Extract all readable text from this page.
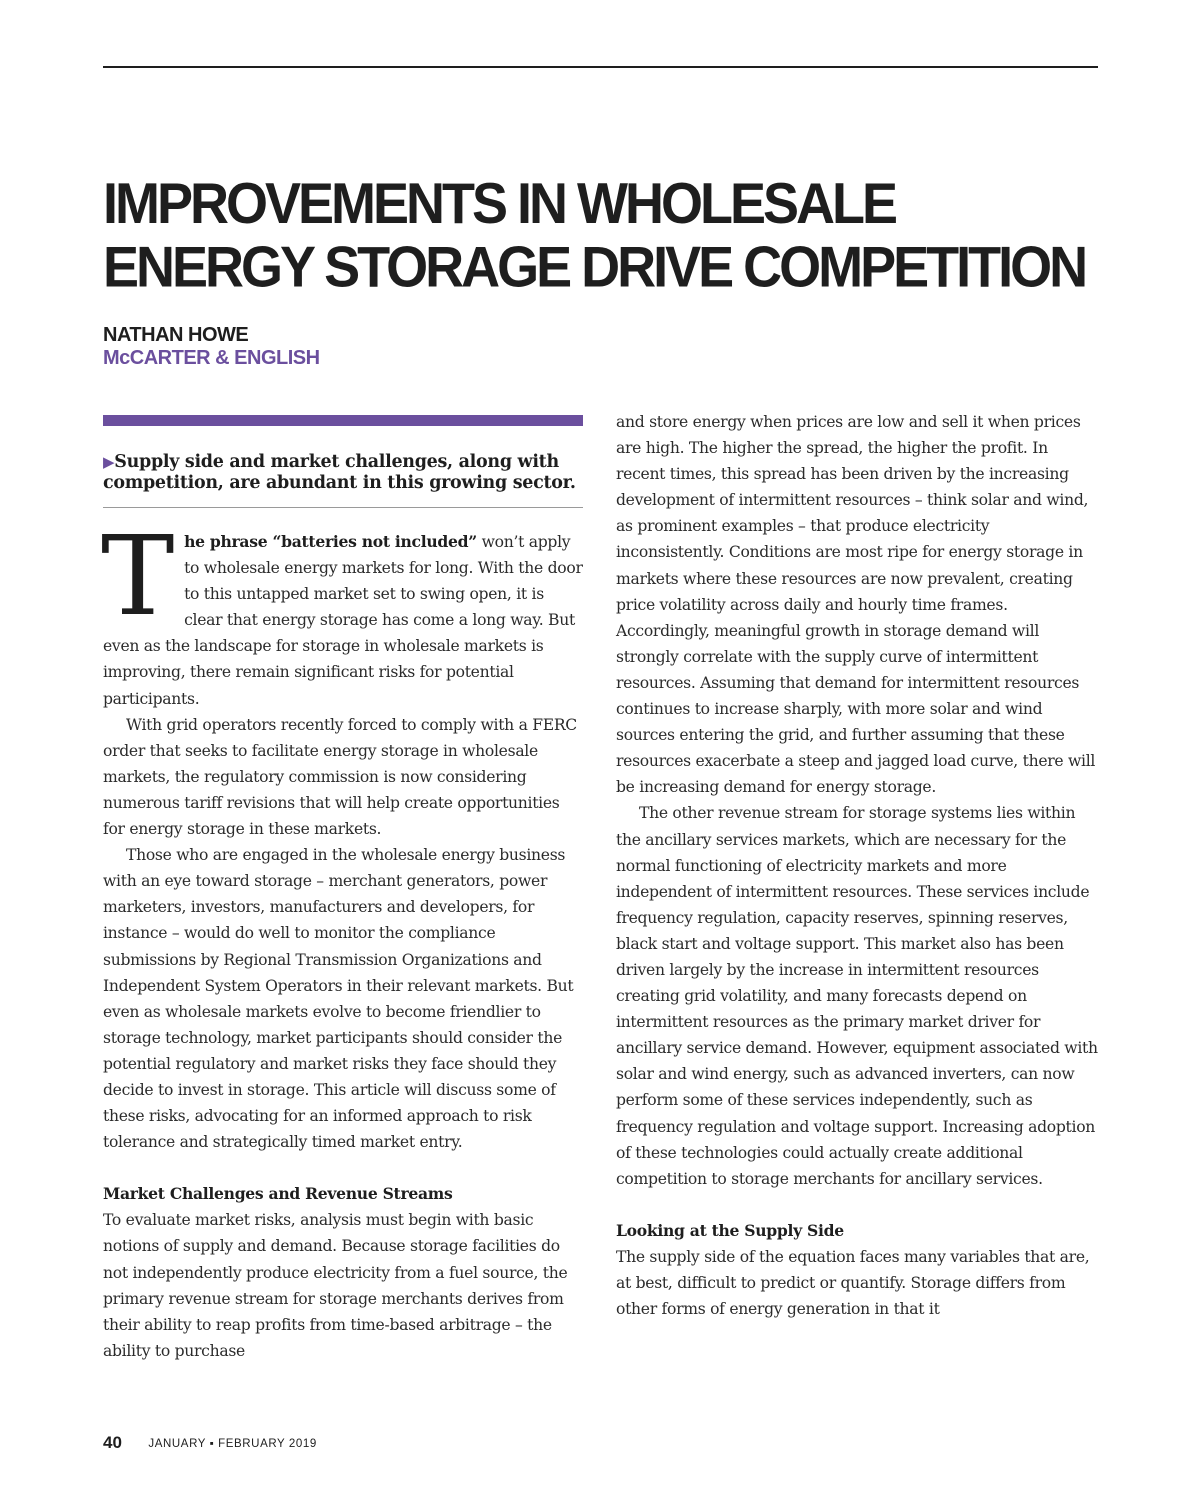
IMPROVEMENTS IN WHOLESALE
ENERGY STORAGE DRIVE COMPETITION
NATHAN HOWE
McCARTER & ENGLISH

▶Supply side and market challenges, along with competition, are abundant in this growing sector.

The phrase “batteries not included” won’t apply to wholesale energy markets for long. With the door to this untapped market set to swing open, it is clear that energy storage has come a long way. But even as the landscape for storage in wholesale markets is improving, there remain significant risks for potential participants.

With grid operators recently forced to comply with a FERC order that seeks to facilitate energy storage in wholesale markets, the regulatory commission is now considering numerous tariff revisions that will help create opportunities for energy storage in these markets.

Those who are engaged in the wholesale energy business with an eye toward storage – merchant generators, power marketers, investors, manufacturers and developers, for instance – would do well to monitor the compliance submissions by Regional Transmission Organizations and Independent System Operators in their relevant markets. But even as wholesale markets evolve to become friendlier to storage technology, market participants should consider the potential regulatory and market risks they face should they decide to invest in storage. This article will discuss some of these risks, advocating for an informed approach to risk tolerance and strategically timed market entry.

Market Challenges and Revenue Streams

To evaluate market risks, analysis must begin with basic notions of supply and demand. Because storage facilities do not independently produce electricity from a fuel source, the primary revenue stream for storage merchants derives from their ability to reap profits from time-based arbitrage – the ability to purchase

and store energy when prices are low and sell it when prices are high. The higher the spread, the higher the profit. In recent times, this spread has been driven by the increasing development of intermittent resources – think solar and wind, as prominent examples – that produce electricity inconsistently. Conditions are most ripe for energy storage in markets where these resources are now prevalent, creating price volatility across daily and hourly time frames. Accordingly, meaningful growth in storage demand will strongly correlate with the supply curve of intermittent resources. Assuming that demand for intermittent resources continues to increase sharply, with more solar and wind sources entering the grid, and further assuming that these resources exacerbate a steep and jagged load curve, there will be increasing demand for energy storage.

The other revenue stream for storage systems lies within the ancillary services markets, which are necessary for the normal functioning of electricity markets and more independent of intermittent resources. These services include frequency regulation, capacity reserves, spinning reserves, black start and voltage support. This market also has been driven largely by the increase in intermittent resources creating grid volatility, and many forecasts depend on intermittent resources as the primary market driver for ancillary service demand. However, equipment associated with solar and wind energy, such as advanced inverters, can now perform some of these services independently, such as frequency regulation and voltage support. Increasing adoption of these technologies could actually create additional competition to storage merchants for ancillary services.

Looking at the Supply Side

The supply side of the equation faces many variables that are, at best, difficult to predict or quantify. Storage differs from other forms of energy generation in that it

40 JANUARY ▪ FEBRUARY 2019
